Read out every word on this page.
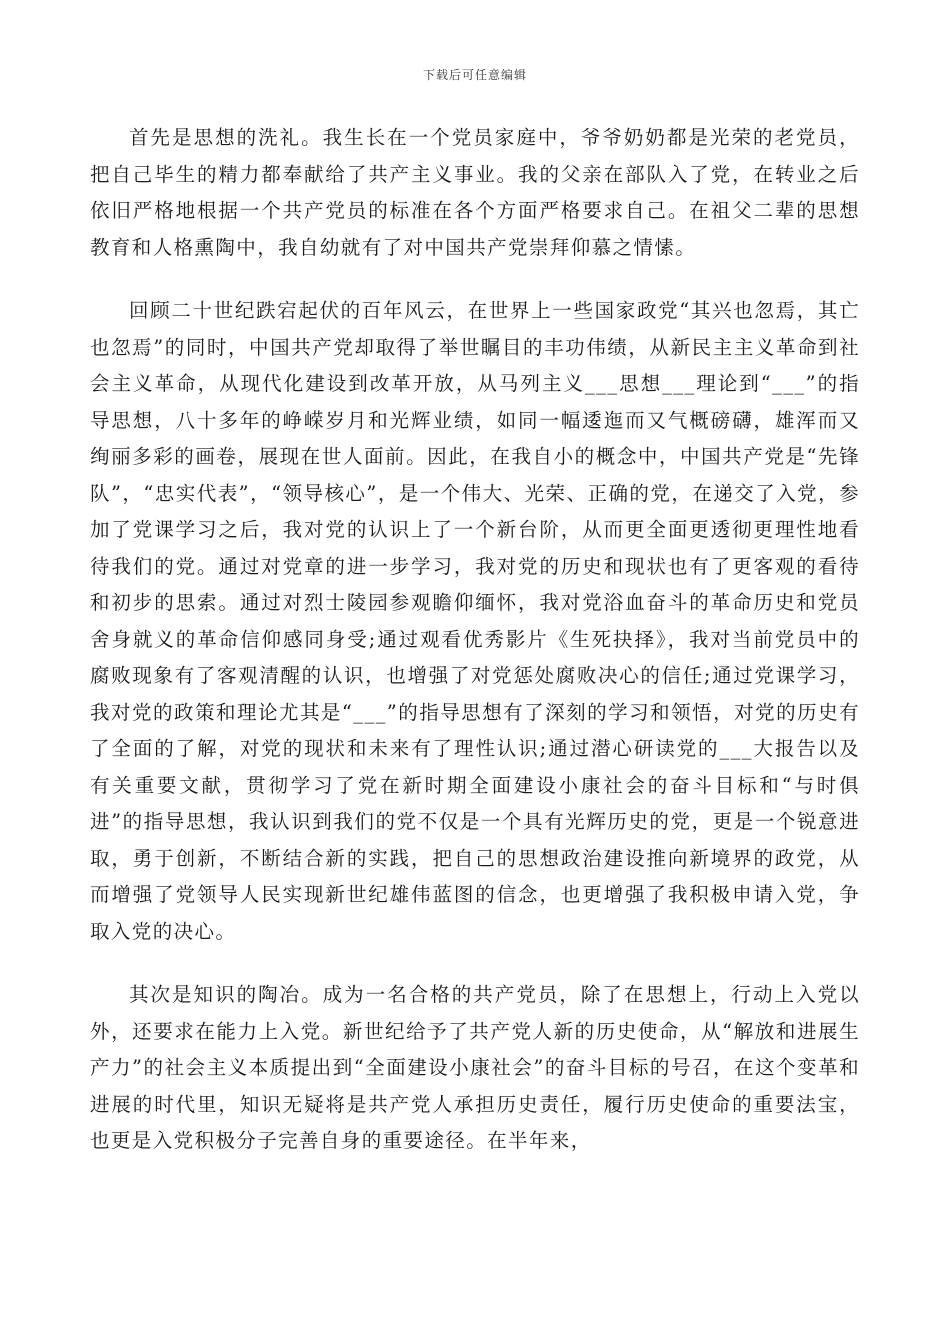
下载后可任意编辑

首先是思想的洗礼。我生长在一个党员家庭中，爷爷奶奶都是光荣的老党员，把自己毕生的精力都奉献给了共产主义事业。我的父亲在部队入了党，在转业之后依旧严格地根据一个共产党员的标准在各个方面严格要求自己。在祖父二辈的思想教育和人格熏陶中，我自幼就有了对中国共产党崇拜仰慕之情愫。

回顾二十世纪跌宕起伏的百年风云，在世界上一些国家政党“其兴也忽焉，其亡也忽焉”的同时，中国共产党却取得了举世瞩目的丰功伟绩，从新民主主义革命到社会主义革命，从现代化建设到改革开放，从马列主义___思想___理论到“___”的指导思想，八十多年的峥嵘岁月和光辉业绩，如同一幅逶迤而又气概磅礴，雄浑而又绚丽多彩的画卷，展现在世人面前。因此，在我自小的概念中，中国共产党是“先锋队”，“忠实代表”，“领导核心”，是一个伟大、光荣、正确的党，在递交了入党，参加了党课学习之后，我对党的认识上了一个新台阶，从而更全面更透彻更理性地看待我们的党。通过对党章的进一步学习，我对党的历史和现状也有了更客观的看待和初步的思索。通过对烈士陵园参观瞻仰缅怀，我对党浴血奋斗的革命历史和党员舍身就义的革命信仰感同身受;通过观看优秀影片《生死抉择》，我对当前党员中的腐败现象有了客观清醒的认识，也增强了对党惩处腐败决心的信任;通过党课学习，我对党的政策和理论尤其是“___”的指导思想有了深刻的学习和领悟，对党的历史有了全面的了解，对党的现状和未来有了理性认识;通过潜心研读党的___大报告以及有关重要文献，贯彻学习了党在新时期全面建设小康社会的奋斗目标和“与时俱进”的指导思想，我认识到我们的党不仅是一个具有光辉历史的党，更是一个锐意进取，勇于创新，不断结合新的实践，把自己的思想政治建设推向新境界的政党，从而增强了党领导人民实现新世纪雄伟蓝图的信念，也更增强了我积极申请入党，争取入党的决心。

其次是知识的陶冶。成为一名合格的共产党员，除了在思想上，行动上入党以外，还要求在能力上入党。新世纪给予了共产党人新的历史使命，从“解放和进展生产力”的社会主义本质提出到“全面建设小康社会”的奋斗目标的号召，在这个变革和进展的时代里，知识无疑将是共产党人承担历史责任，履行历史使命的重要法宝，也更是入党积极分子完善自身的重要途径。在半年来，
